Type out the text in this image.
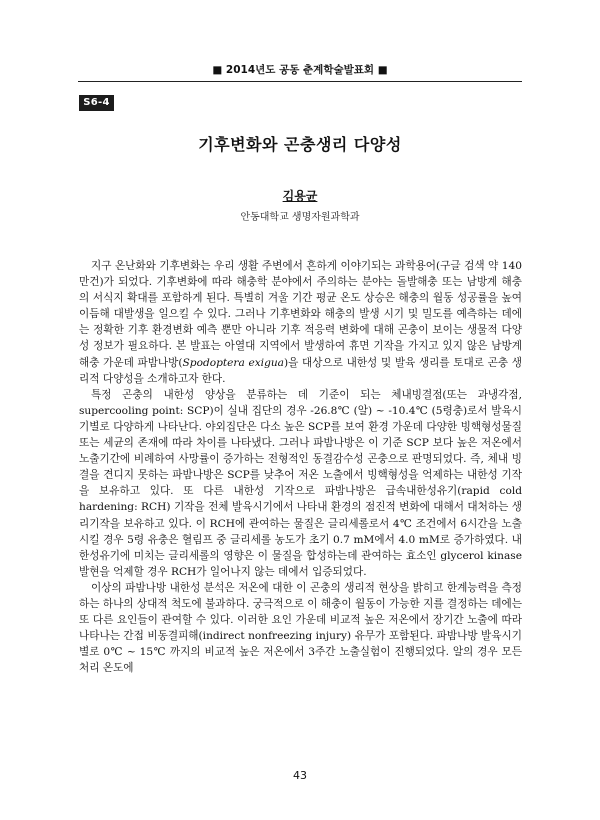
■ 2014년도 공동 춘계학술발표회 ■
S6-4
기후변화와 곤충생리 다양성
김용균
안동대학교 생명자원과학과

지구 온난화와 기후변화는 우리 생활 주변에서 흔하게 이야기되는 과학용어(구글 검색 약 140만건)가 되었다. 기후변화에 따라 해충학 분야에서 주의하는 분야는 돌발해충 또는 남방계 해충의 서식지 확대를 포함하게 된다. 특별히 겨울 기간 평균 온도 상승은 해충의 월동 성공률을 높여 이듬해 대발생을 일으킬 수 있다. 그러나 기후변화와 해충의 발생 시기 및 밀도를 예측하는 데에는 정확한 기후 환경변화 예측 뿐만 아니라 기후 적응력 변화에 대해 곤충이 보이는 생물적 다양성 정보가 필요하다. 본 발표는 아열대 지역에서 발생하여 휴면 기작을 가지고 있지 않은 남방계 해충 가운데 파밤나방(Spodoptera exigua)을 대상으로 내한성 및 발육 생리를 토대로 곤충 생리적 다양성을 소개하고자 한다.

특정 곤충의 내한성 양상을 분류하는 데 기준이 되는 체내빙결점(또는 과냉각점, supercooling point: SCP)이 실내 집단의 경우 -26.8℃ (알) ~ -10.4℃ (5령충)로서 발육시기별로 다양하게 나타난다. 야외집단은 다소 높은 SCP를 보여 환경 가운데 다양한 빙핵형성물질 또는 세균의 존재에 따라 차이를 나타냈다. 그러나 파밤나방은 이 기준 SCP 보다 높은 저온에서 노출기간에 비례하여 사망률이 증가하는 전형적인 동결감수성 곤충으로 판명되었다. 즉, 체내 빙결을 견디지 못하는 파밤나방은 SCP를 낮추어 저온 노출에서 빙핵형성을 억제하는 내한성 기작을 보유하고 있다. 또 다른 내한성 기작으로 파밤나방은 급속내한성유기(rapid cold hardening: RCH) 기작을 전체 발육시기에서 나타내 환경의 점진적 변화에 대해서 대처하는 생리기작을 보유하고 있다. 이 RCH에 관여하는 물질은 글리세롤로서 4℃ 조건에서 6시간을 노출시킬 경우 5령 유충은 혈림프 중 글리세롤 농도가 초기 0.7 mM에서 4.0 mM로 증가하였다. 내한성유기에 미치는 글리세롤의 영향은 이 물질을 합성하는데 관여하는 효소인 glycerol kinase 발현을 억제할 경우 RCH가 일어나지 않는 데에서 입증되었다.

이상의 파밤나방 내한성 분석은 저온에 대한 이 곤충의 생리적 현상을 밝히고 한계능력을 측정하는 하나의 상대적 척도에 불과하다. 궁극적으로 이 해충이 월동이 가능한 지를 결정하는 데에는 또 다른 요인들이 관여할 수 있다. 이러한 요인 가운데 비교적 높은 저온에서 장기간 노출에 따라 나타나는 간접 비동결피해(indirect nonfreezing injury) 유무가 포함된다. 파밤나방 발육시기별로 0℃ ~ 15℃ 까지의 비교적 높은 저온에서 3주간 노출실험이 진행되었다. 알의 경우 모든 처리 온도에

43
